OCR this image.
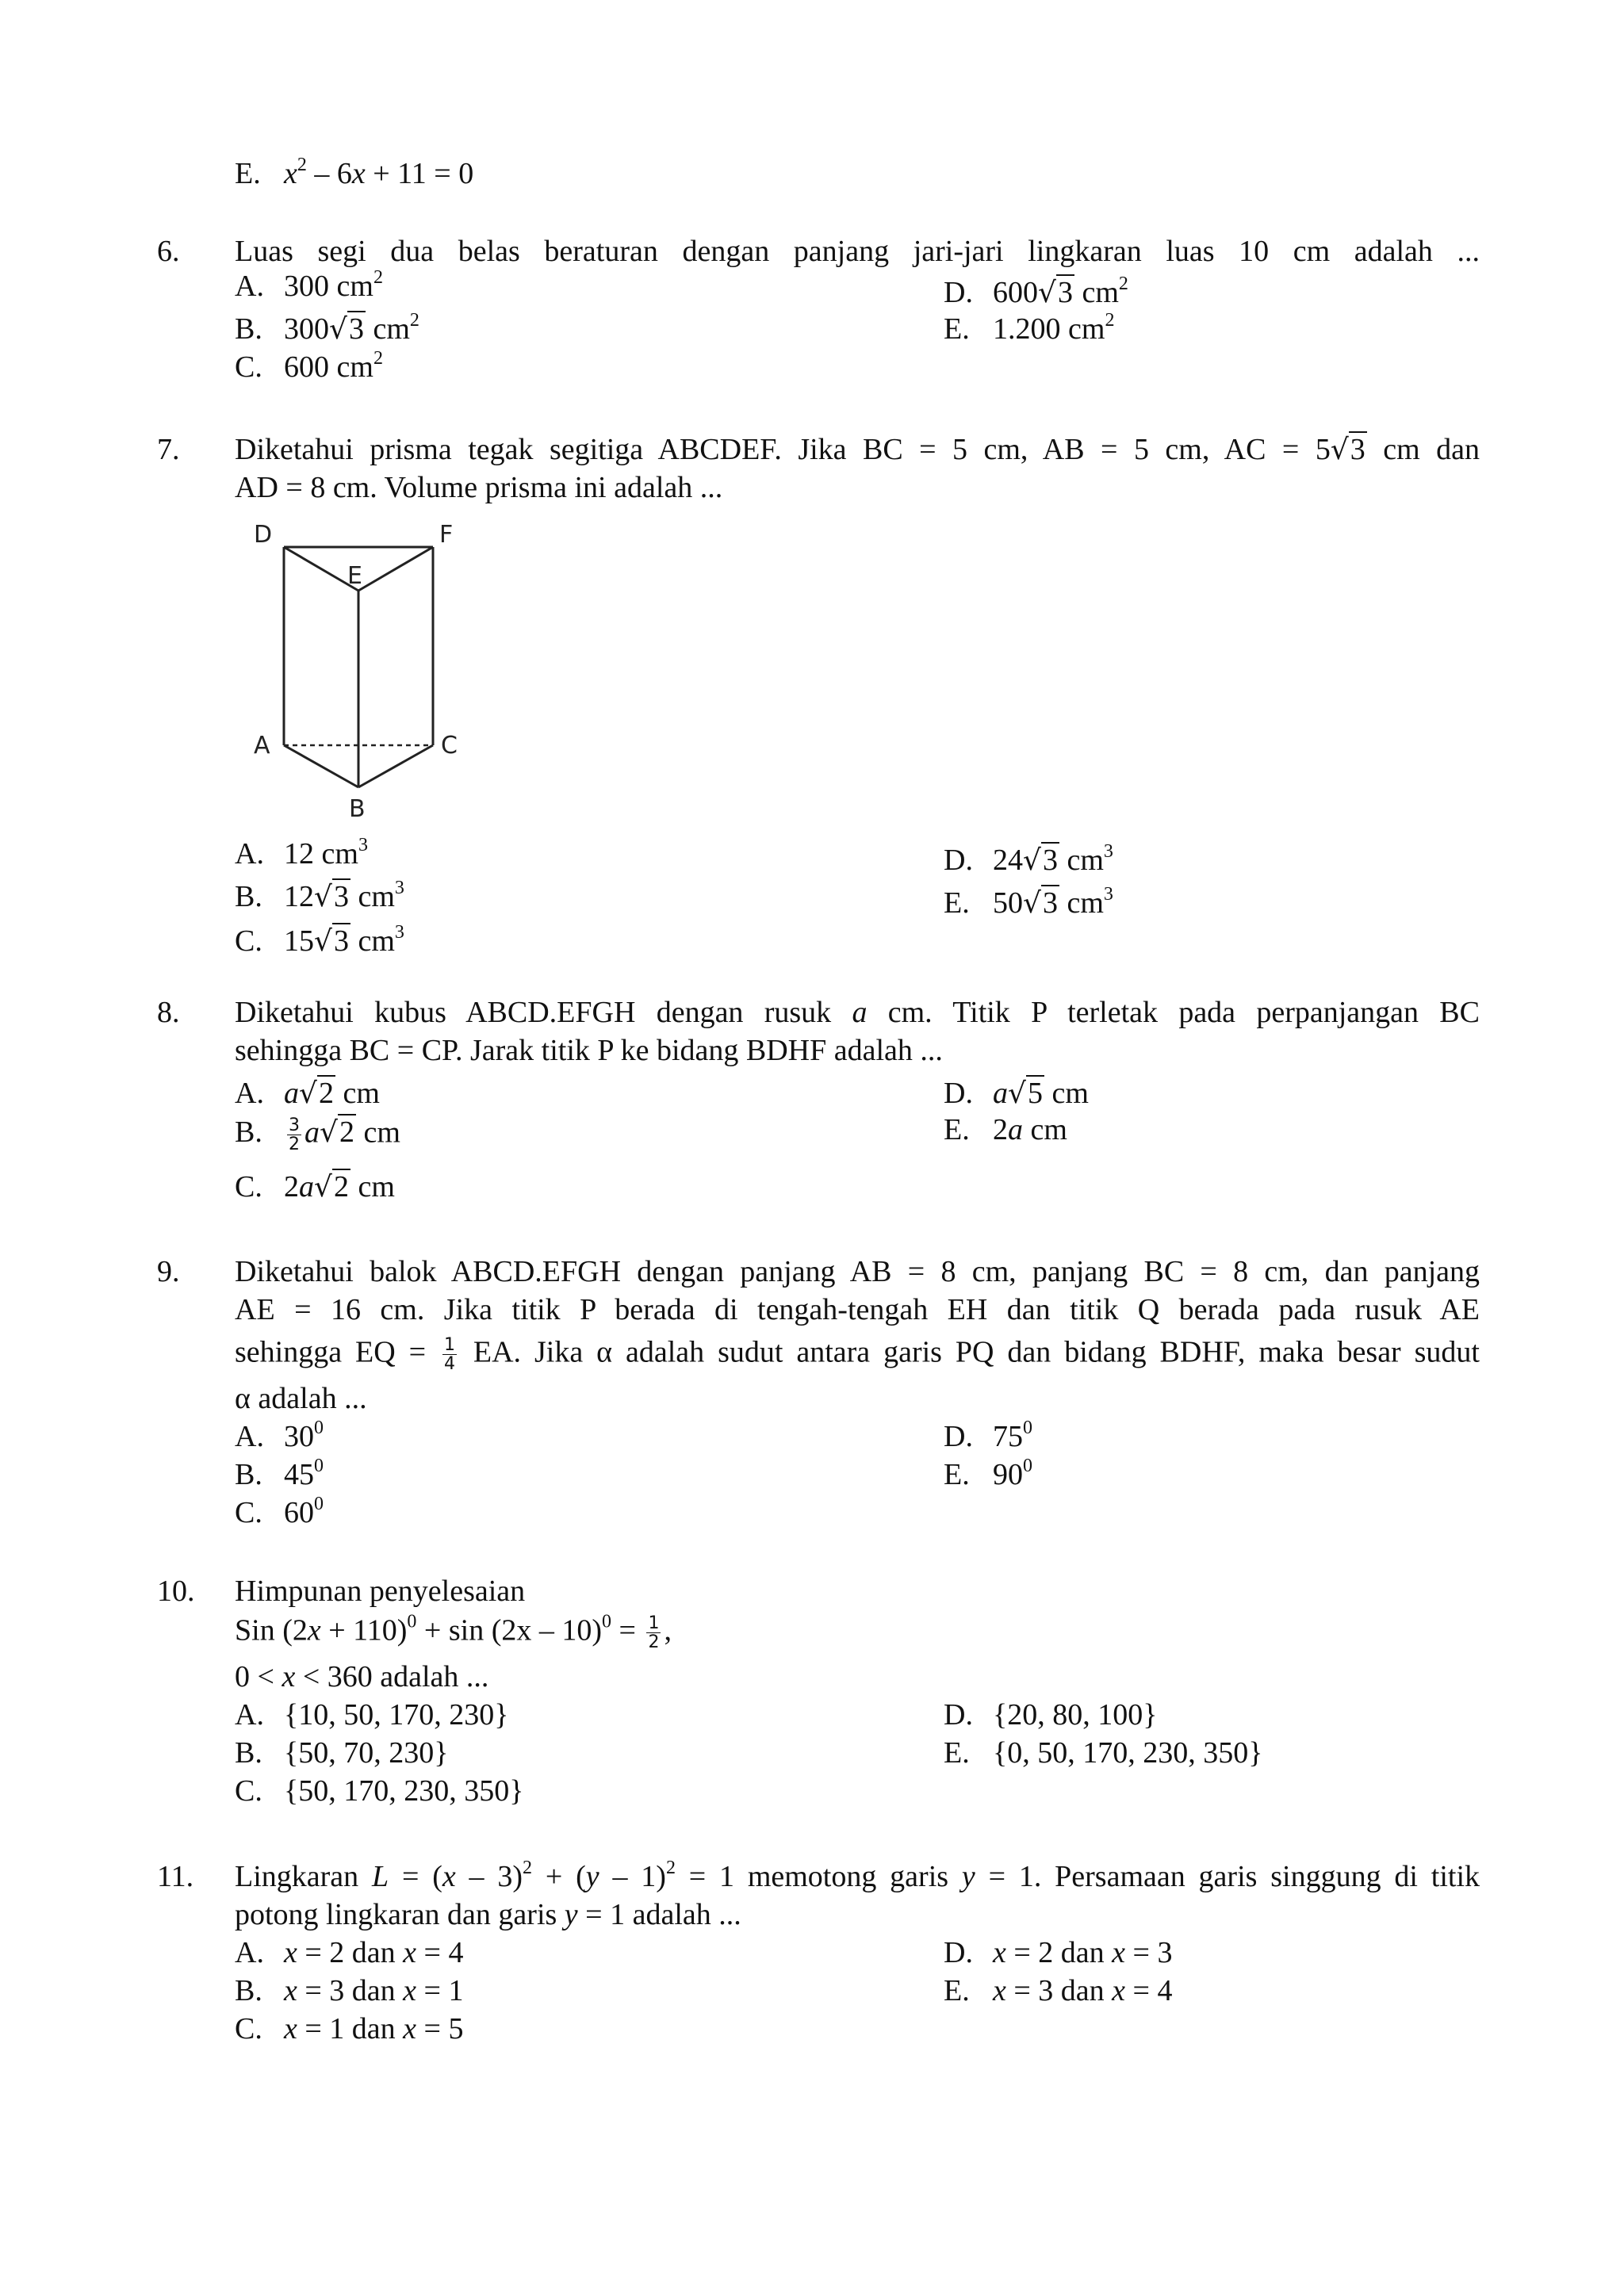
E. $x^2 - 6x + 11 = 0$
6. Luas segi dua belas beraturan dengan panjang jari-jari lingkaran luas 10 cm adalah ...
A. 300 $cm^2$	D. 600√3 $cm^2$
B. 300√3 $cm^2$	E. 1.200 $cm^2$
C. 600 $cm^2$
7. Diketahui prisma tegak segitiga ABCDEF. Jika BC = 5 cm, AB = 5 cm, AC = 5√3 cm dan
AD = 8 cm. Volume prisma ini adalah ...
D
E
F
A	C
B
A. 12 $cm^3$	D. 24√3 $cm^3$
B. 12√3 $cm^3$	E. 50√3 $cm^3$
C. 15√3 $cm^3$
8. Diketahui kubus ABCD.EFGH dengan rusuk a cm. Titik P terletak pada perpanjangan BC
sehingga BC = CP. Jarak titik P ke bidang BDHF adalah ...
A. a√2 cm	D. a√5 cm
B. $\frac{3}{2} a√2$ cm	E. 2a cm
C. 2a√2 cm
9. Diketahui balok ABCD.EFGH dengan panjang AB = 8 cm, panjang BC = 8 cm, dan panjang
AE = 16 cm. Jika titik P berada di tengah-tengah EH dan titik Q berada pada rusuk AE
sehingga EQ = $\frac{1}{4}$ EA. Jika α adalah sudut antara garis PQ dan bidang BDHF, maka besar sudut
α adalah ...
A. $30^0$	D. $75^0$
B. $45^0$	E. $90^0$
C. $60^0$
10. Himpunan penyelesaian
Sin $(2x + 110)^0 + \sin (2x - 10)^0 = \frac{1}{2}$ ,
0 < x < 360 adalah ...
A. {10, 50, 170, 230}	D. {20, 80, 100}
B. {50, 70, 230}	E. {0, 50, 170, 230, 350}
C. {50, 170, 230, 350}
11. Lingkaran L = (x – 3)$^2$ + (y – 1)$^2$ = 1 memotong garis y = 1. Persamaan garis singgung di titik
potong lingkaran dan garis y = 1 adalah ...
A. x = 2 dan x = 4	D. x = 2 dan x = 3
B. x = 3 dan x = 1	E. x = 3 dan x = 4
C. x = 1 dan x = 5
